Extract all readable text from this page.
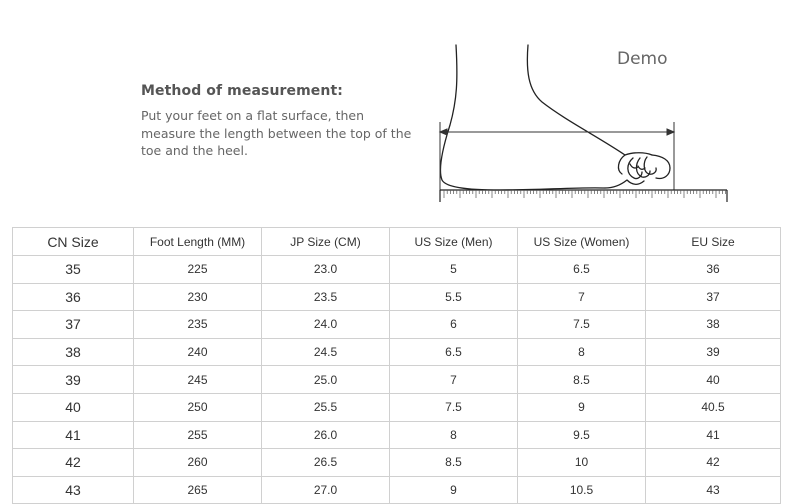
Method of measurement:
Put your feet on a flat surface, then measure the length between the top of the toe and the heel.
Demo
CN Size	Foot Length (MM)	JP Size (CM)	US Size (Men)	US Size (Women)	EU Size
35	225	23.0	5	6.5	36
36	230	23.5	5.5	7	37
37	235	24.0	6	7.5	38
38	240	24.5	6.5	8	39
39	245	25.0	7	8.5	40
40	250	25.5	7.5	9	40.5
41	255	26.0	8	9.5	41
42	260	26.5	8.5	10	42
43	265	27.0	9	10.5	43
